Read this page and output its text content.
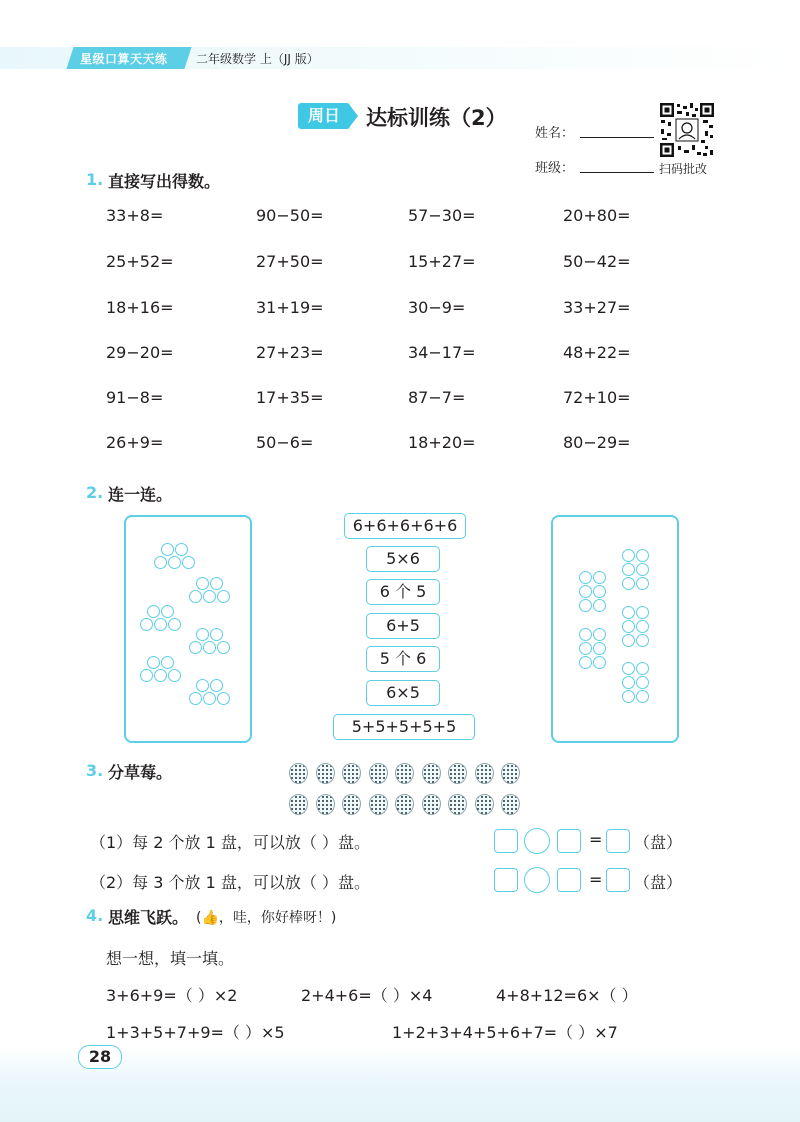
星级口算天天练 二年级数学 上（JJ 版）
周日	达标训练（2）
姓名：
班级：	扫码批改
1. 直接写出得数。
33+8=	90−50=	57−30=	20+80=
25+52=	27+50=	15+27=	50−42=
18+16=	31+19=	30−9=	33+27=
29−20=	27+23=	34−17=	48+22=
91−8=	17+35=	87−7=	72+10=
26+9=	50−6=	18+20=	80−29=
2. 连一连。
6+6+6+6+6
5×6
6 个 5
6+5
5 个 6
6×5
5+5+5+5+5
3. 分草莓。
（1）每 2 个放 1 盘，可以放（ ）盘。	= （盘）
（2）每 3 个放 1 盘，可以放（ ）盘。	= （盘）
4. 思维飞跃。 (👍，哇，你好棒呀！)
想一想，填一填。
3+6+9=（ ）×2	2+4+6=（ ）×4	4+8+12=6×（ ）
1+3+5+7+9=（ ）×5	1+2+3+4+5+6+7=（ ）×7
28
